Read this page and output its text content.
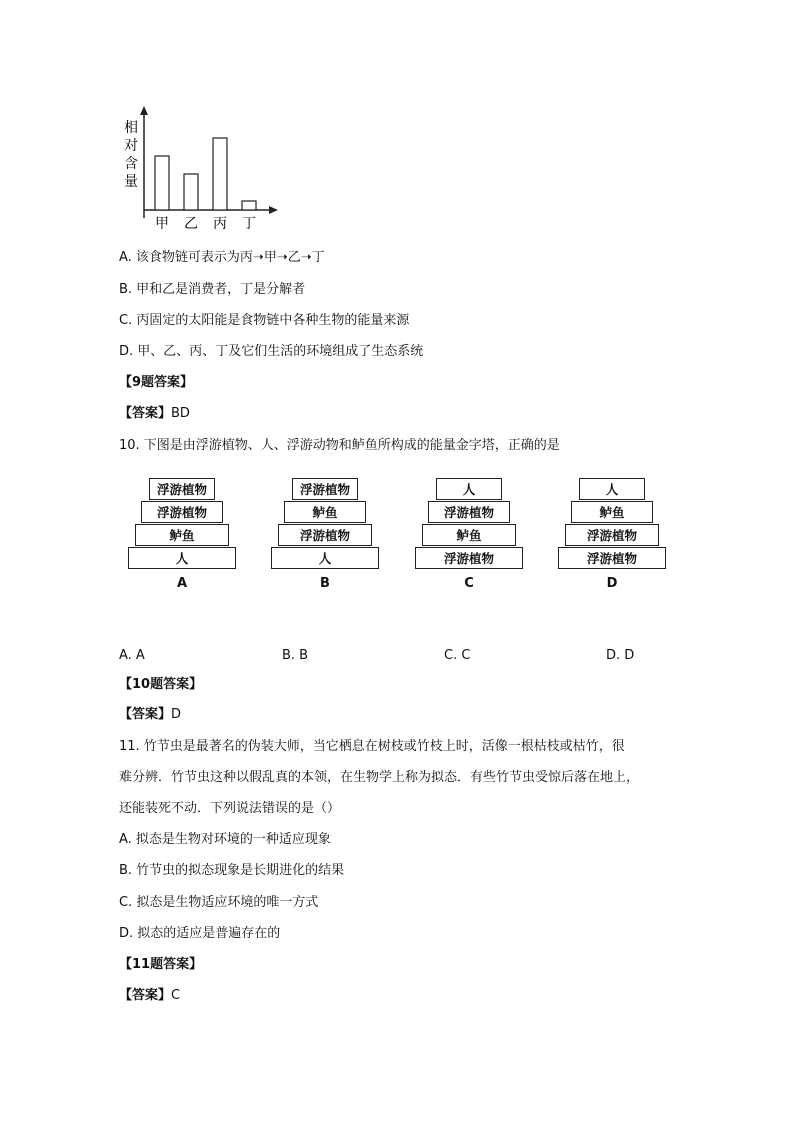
相
对
含
量
甲 乙 丙 丁
A. 该食物链可表示为丙➝甲➝乙➝丁
B. 甲和乙是消费者，丁是分解者
C. 丙固定的太阳能是食物链中各种生物的能量来源
D. 甲、乙、丙、丁及它们生活的环境组成了生态系统
【9题答案】
【答案】BD
10. 下图是由浮游植物、人、浮游动物和鲈鱼所构成的能量金字塔，正确的是
浮游植物
浮游植物
鲈鱼
人
A
浮游植物
鲈鱼
浮游植物
人
B
人
浮游植物
鲈鱼
浮游植物
C
人
鲈鱼
浮游植物
浮游植物
D
A. A	B. B	C. C	D. D
【10题答案】
【答案】D
11. 竹节虫是最著名的伪装大师，当它栖息在树枝或竹枝上时，活像一根枯枝或枯竹，很
难分辨．竹节虫这种以假乱真的本领，在生物学上称为拟态．有些竹节虫受惊后落在地上，
还能装死不动．下列说法错误的是（）
A. 拟态是生物对环境的一种适应现象
B. 竹节虫的拟态现象是长期进化的结果
C. 拟态是生物适应环境的唯一方式
D. 拟态的适应是普遍存在的
【11题答案】
【答案】C
